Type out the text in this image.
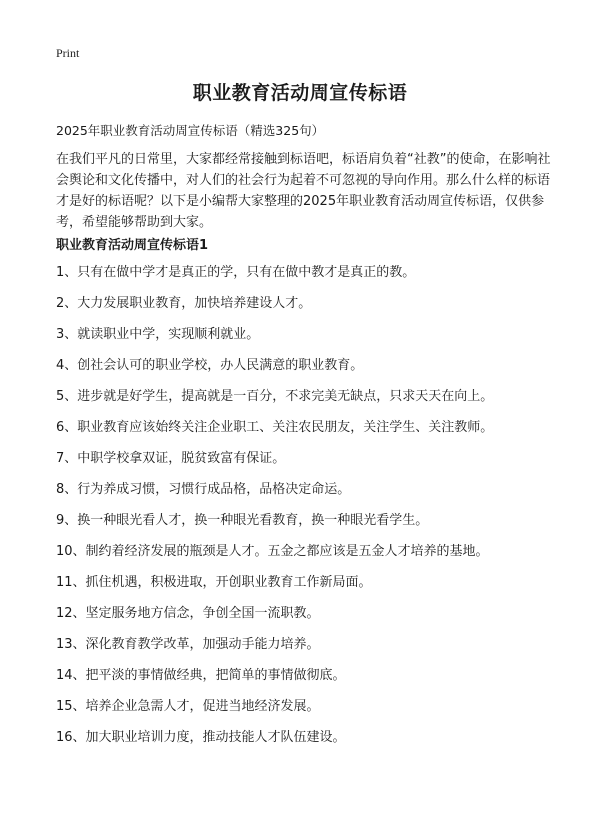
Print
职业教育活动周宣传标语
2025年职业教育活动周宣传标语（精选325句）

在我们平凡的日常里，大家都经常接触到标语吧，标语肩负着“社教”的使命，在影响社会舆论和文化传播中，对人们的社会行为起着不可忽视的导向作用。那么什么样的标语才是好的标语呢？以下是小编帮大家整理的2025年职业教育活动周宣传标语，仅供参考，希望能够帮助到大家。

职业教育活动周宣传标语1
1、只有在做中学才是真正的学，只有在做中教才是真正的教。
2、大力发展职业教育，加快培养建设人才。
3、就读职业中学，实现顺利就业。
4、创社会认可的职业学校，办人民满意的职业教育。
5、进步就是好学生，提高就是一百分，不求完美无缺点，只求天天在向上。
6、职业教育应该始终关注企业职工、关注农民朋友，关注学生、关注教师。
7、中职学校拿双证，脱贫致富有保证。
8、行为养成习惯，习惯行成品格，品格决定命运。
9、换一种眼光看人才，换一种眼光看教育，换一种眼光看学生。
10、制约着经济发展的瓶颈是人才。五金之都应该是五金人才培养的基地。
11、抓住机遇，积极进取，开创职业教育工作新局面。
12、坚定服务地方信念，争创全国一流职教。
13、深化教育教学改革，加强动手能力培养。
14、把平淡的事情做经典，把简单的事情做彻底。
15、培养企业急需人才，促进当地经济发展。
16、加大职业培训力度，推动技能人才队伍建设。
